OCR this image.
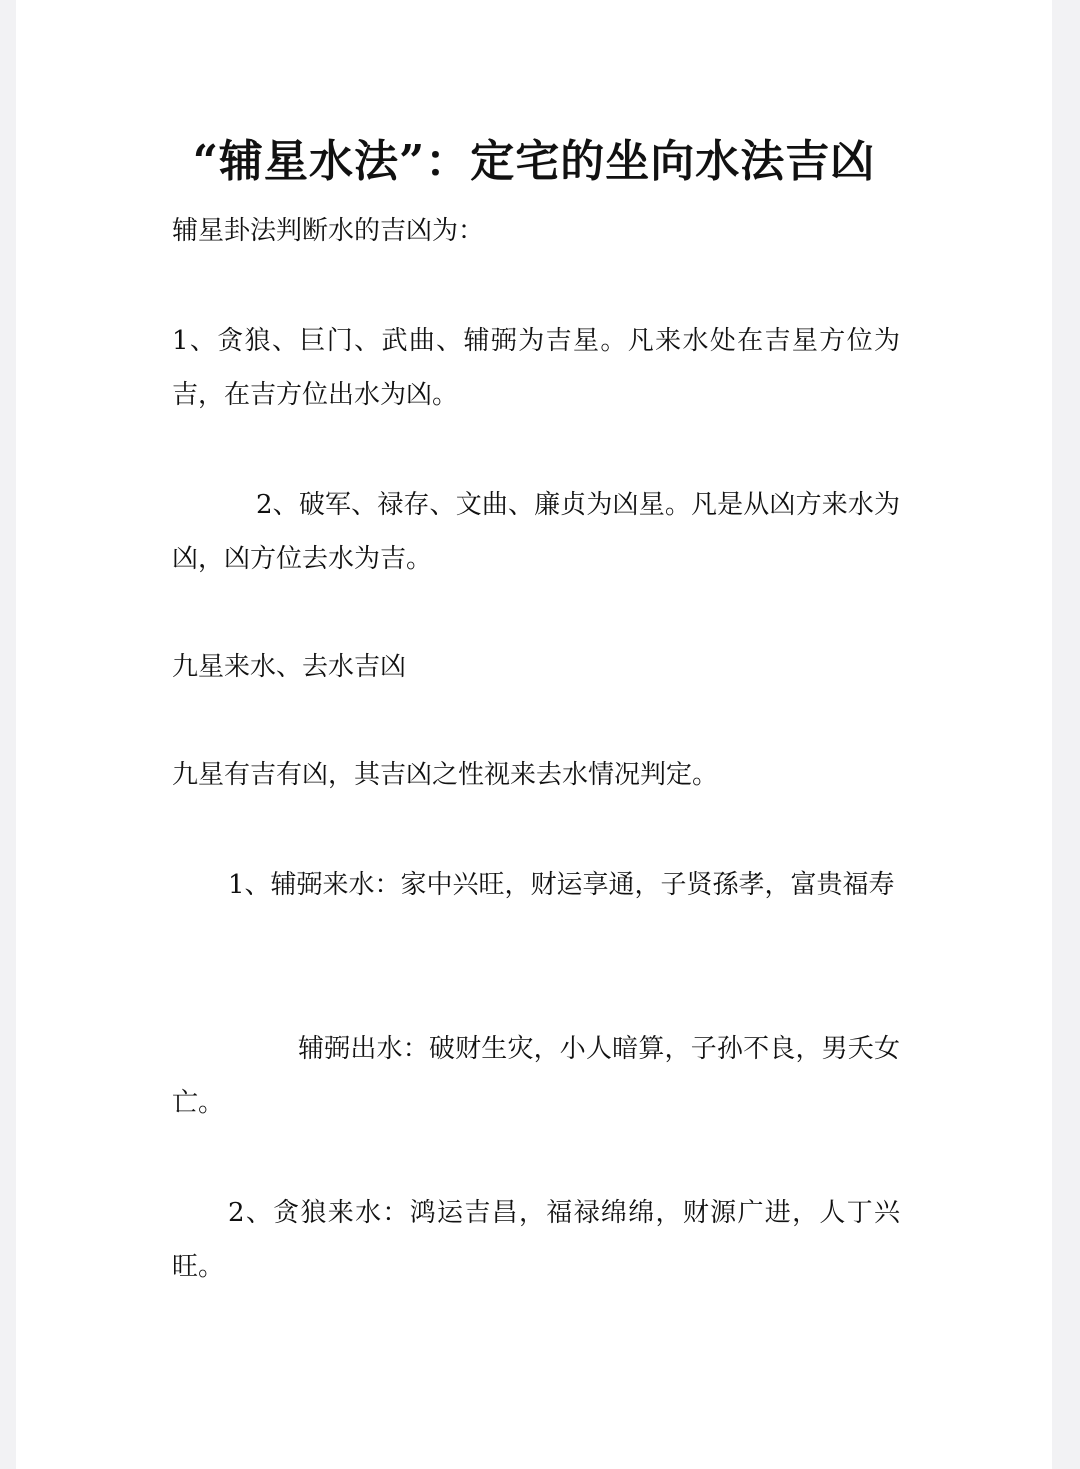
“辅星水法”：定宅的坐向水法吉凶

辅星卦法判断水的吉凶为：

1、贪狼、巨门、武曲、辅弼为吉星。凡来水处在吉星方位为吉，在吉方位出水为凶。

2、破军、禄存、文曲、廉贞为凶星。凡是从凶方来水为凶，凶方位去水为吉。

九星来水、去水吉凶

九星有吉有凶，其吉凶之性视来去水情况判定。

1、辅弼来水：家中兴旺，财运享通，子贤孫孝，富贵福寿

辅弼出水：破财生灾，小人暗算，子孙不良，男夭女亡。

2、贪狼来水：鸿运吉昌，福禄绵绵，财源广进，人丁兴旺。
